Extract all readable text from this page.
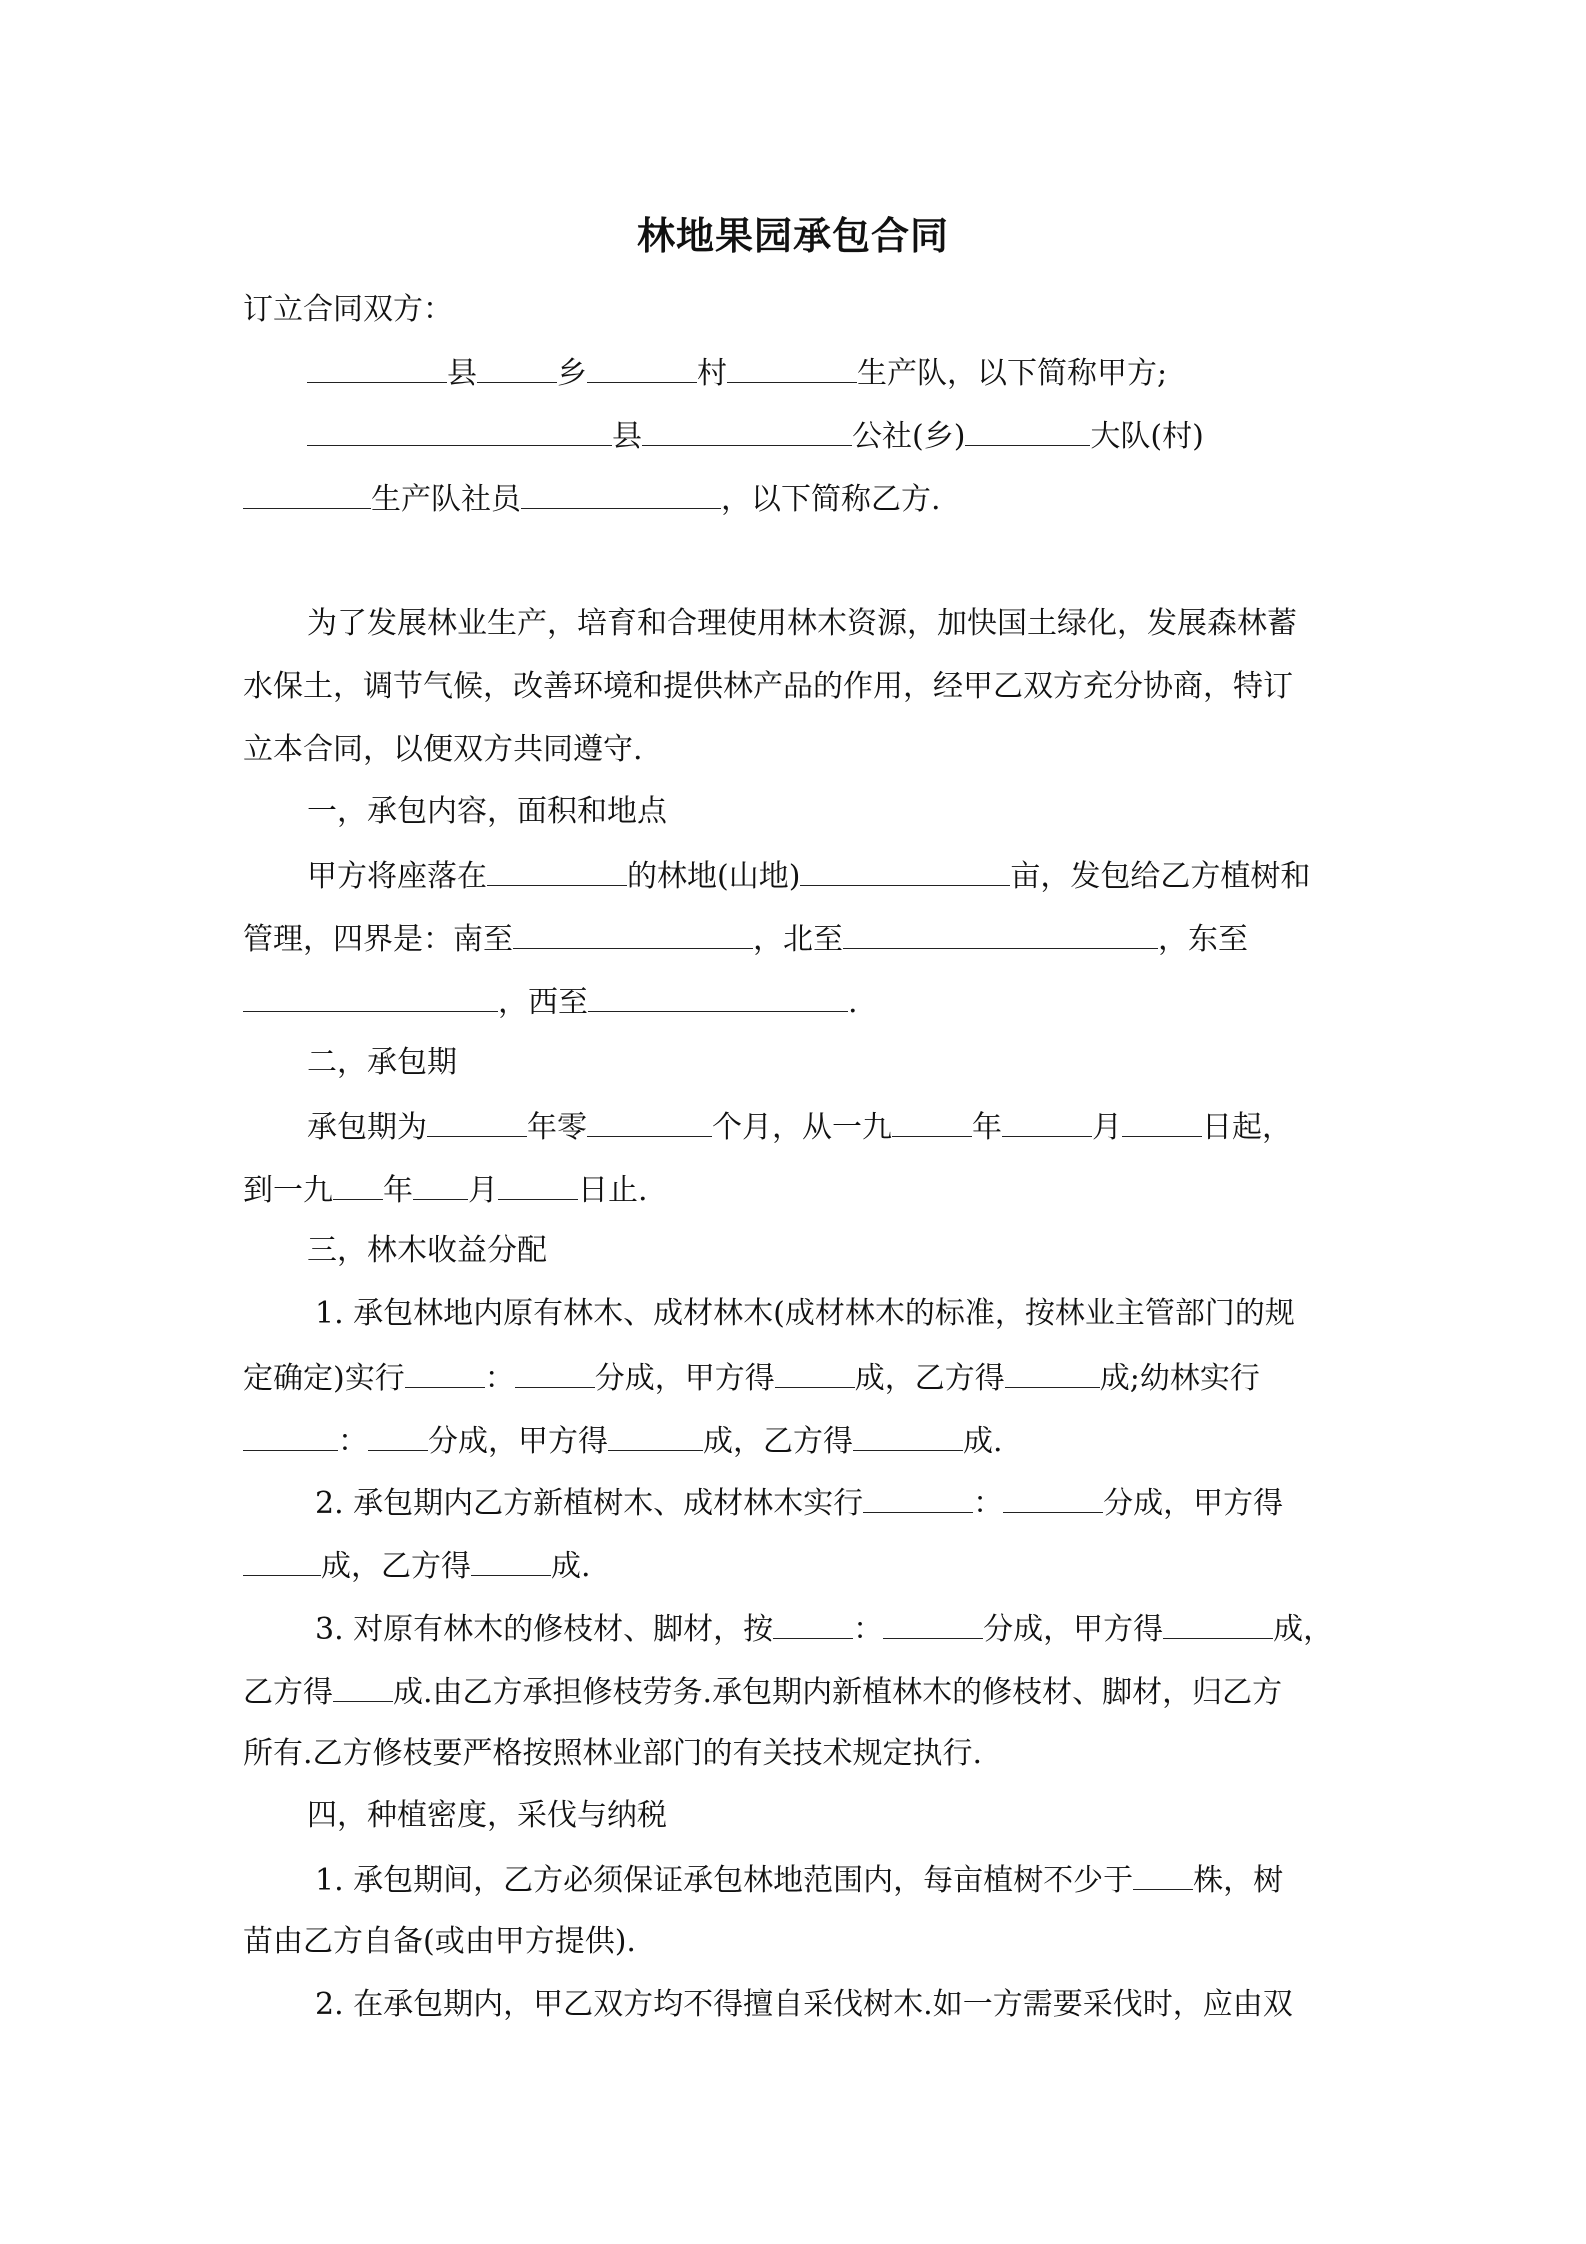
林地果园承包合同
订立合同双方：
县	乡	村	生产队，以下简称甲方;
县	公社(乡)	大队(村)
生产队社员	，以下简称乙方.
为了发展林业生产，培育和合理使用林木资源，加快国土绿化，发展森林蓄
水保土，调节气候，改善环境和提供林产品的作用，经甲乙双方充分协商，特订
立本合同，以便双方共同遵守.
一，承包内容，面积和地点
甲方将座落在	的林地(山地)	亩，发包给乙方植树和
管理，四界是：南至	，北至	，东至
，西至	.
二，承包期
承包期为	年零	个月，从一九	年	月	日起，
到一九 年 月	日止.
三，林木收益分配
1. 承包林地内原有林木、成材林木(成材林木的标准，按林业主管部门的规
定确定)实行	：	分成，甲方得	成，乙方得	成;幼林实行
： 分成，甲方得	成，乙方得	成.
2. 承包期内乙方新植树木、成材林木实行	：	分成，甲方得
成，乙方得	成.
3. 对原有林木的修枝材、脚材，按	：	分成，甲方得	成，
乙方得 成.由乙方承担修枝劳务.承包期内新植林木的修枝材、脚材，归乙方
所有.乙方修枝要严格按照林业部门的有关技术规定执行.
四，种植密度，采伐与纳税
1. 承包期间，乙方必须保证承包林地范围内，每亩植树不少于 株，树
苗由乙方自备(或由甲方提供).
2. 在承包期内，甲乙双方均不得擅自采伐树木.如一方需要采伐时，应由双
